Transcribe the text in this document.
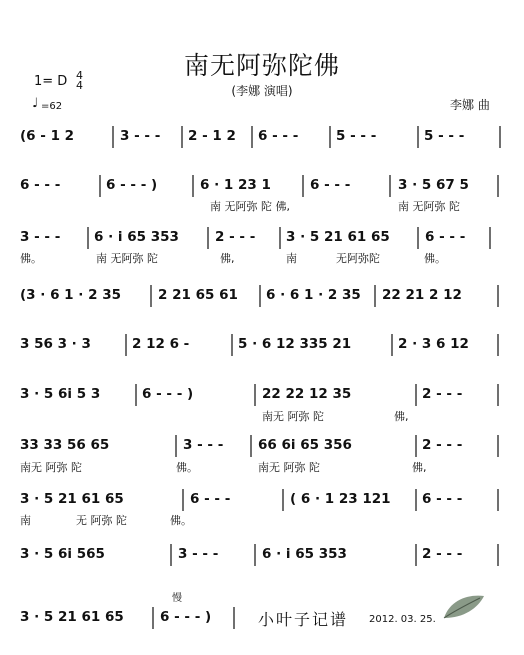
南无阿弥陀佛
(李娜 演唱)
1= D 4
4
♩ =62	李娜 曲
(6 - 1 2	3 - - - 2 - 1 2 6 - - -	5 - - -	5 - - -
6 - - -	6 - - - )	6 · 1 23 1	6 - - -	3 · 5 67 5
3 - - - 6 · i 65 353	2 - - - 3 · 5 21 61 65	6 - - -
(3 · 6 1 · 2 35	2 21 65 61 6 · 6 1 · 2 35 22 21 2 12
3 56 3 · 3	2 12 6 -	5 · 6 12 335 21	2 · 3 6 12
3 · 5 6i 5 3	6 - - - )	22 22 12 35	2 - - -
33 33 56 65	3 - - -	66 6i 65 356	2 - - -
3 · 5 21 61 65	6 - - -	( 6 · 1 23 121 6 - - -
3 · 5 6i 565	3 - - -	6 · i 65 353	2 - - -
3 · 5 21 61 65	6 - - - )
南 无阿弥 陀 佛,	南 无阿弥 陀
佛。	南 无阿弥 陀	佛,	南	无阿弥陀	佛。
南无 阿弥 陀	佛,
南无 阿弥 陀	佛。	南无 阿弥 陀	佛,
南	无 阿弥 陀	佛。
慢
小叶子记谱 2012. 03. 25.
